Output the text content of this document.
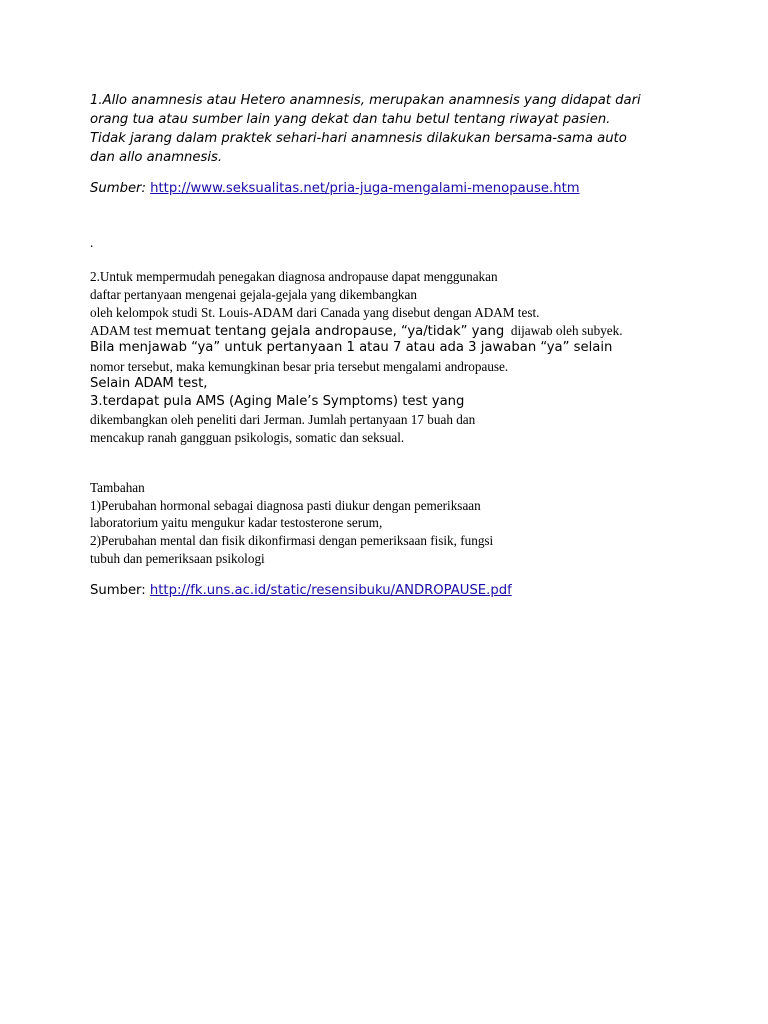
1.Allo anamnesis atau Hetero anamnesis, merupakan anamnesis yang didapat dari
orang tua atau sumber lain yang dekat dan tahu betul tentang riwayat pasien.
Tidak jarang dalam praktek sehari-hari anamnesis dilakukan bersama-sama auto
dan allo anamnesis.
Sumber: http://www.seksualitas.net/pria-juga-mengalami-menopause.htm
.
2.Untuk mempermudah penegakan diagnosa andropause dapat menggunakan
daftar pertanyaan mengenai gejala-gejala yang dikembangkan
oleh kelompok studi St. Louis-ADAM dari Canada yang disebut dengan ADAM test.
ADAM test memuat tentang gejala andropause, “ya/tidak” yang  dijawab oleh subyek.
Bila menjawab “ya” untuk pertanyaan 1 atau 7 atau ada 3 jawaban “ya” selain
nomor tersebut, maka kemungkinan besar pria tersebut mengalami andropause.
Selain ADAM test,
3.terdapat pula AMS (Aging Male’s Symptoms) test yang
dikembangkan oleh peneliti dari Jerman. Jumlah pertanyaan 17 buah dan
mencakup ranah gangguan psikologis, somatic dan seksual.
Tambahan
1)Perubahan hormonal sebagai diagnosa pasti diukur dengan pemeriksaan
laboratorium yaitu mengukur kadar testosterone serum,
2)Perubahan mental dan fisik dikonfirmasi dengan pemeriksaan fisik, fungsi
tubuh dan pemeriksaan psikologi
Sumber: http://fk.uns.ac.id/static/resensibuku/ANDROPAUSE.pdf
